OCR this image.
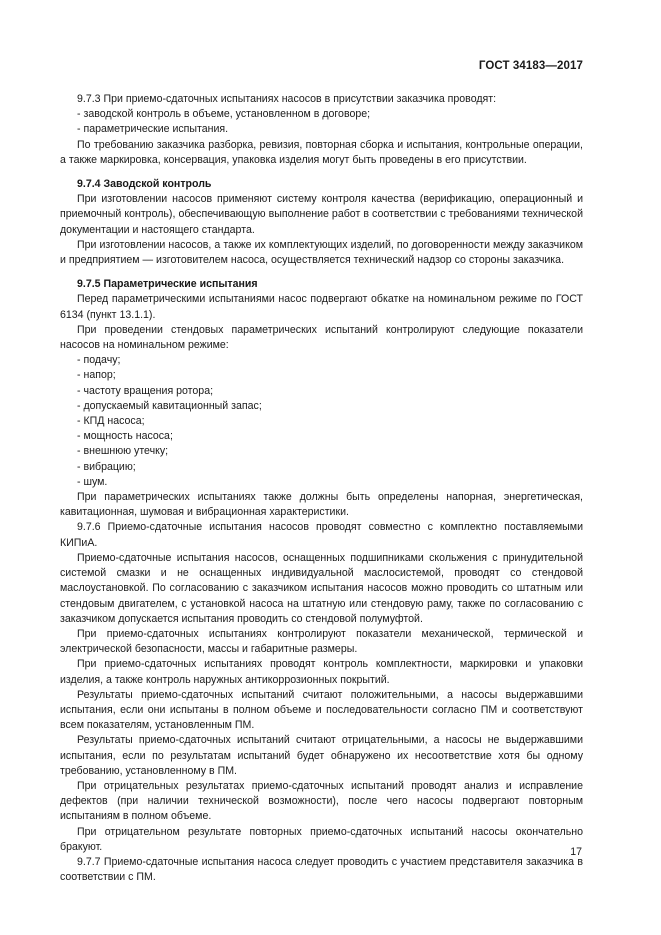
ГОСТ 34183—2017
9.7.3 При приемо-сдаточных испытаниях насосов в присутствии заказчика проводят:
- заводской контроль в объеме, установленном в договоре;
- параметрические испытания.
По требованию заказчика разборка, ревизия, повторная сборка и испытания, контрольные операции, а также маркировка, консервация, упаковка изделия могут быть проведены в его присутствии.
9.7.4 Заводской контроль
При изготовлении насосов применяют систему контроля качества (верификацию, операционный и приемочный контроль), обеспечивающую выполнение работ в соответствии с требованиями технической документации и настоящего стандарта.
При изготовлении насосов, а также их комплектующих изделий, по договоренности между заказчиком и предприятием — изготовителем насоса, осуществляется технический надзор со стороны заказчика.
9.7.5 Параметрические испытания
Перед параметрическими испытаниями насос подвергают обкатке на номинальном режиме по ГОСТ 6134 (пункт 13.1.1).
При проведении стендовых параметрических испытаний контролируют следующие показатели насосов на номинальном режиме:
- подачу;
- напор;
- частоту вращения ротора;
- допускаемый кавитационный запас;
- КПД насоса;
- мощность насоса;
- внешнюю утечку;
- вибрацию;
- шум.
При параметрических испытаниях также должны быть определены напорная, энергетическая, кавитационная, шумовая и вибрационная характеристики.
9.7.6 Приемо-сдаточные испытания насосов проводят совместно с комплектно поставляемыми КИПиА.
Приемо-сдаточные испытания насосов, оснащенных подшипниками скольжения с принудительной системой смазки и не оснащенных индивидуальной маслосистемой, проводят со стендовой маслоустановкой. По согласованию с заказчиком испытания насосов можно проводить со штатным или стендовым двигателем, с установкой насоса на штатную или стендовую раму, также по согласованию с заказчиком допускается испытания проводить со стендовой полумуфтой.
При приемо-сдаточных испытаниях контролируют показатели механической, термической и электрической безопасности, массы и габаритные размеры.
При приемо-сдаточных испытаниях проводят контроль комплектности, маркировки и упаковки изделия, а также контроль наружных антикоррозионных покрытий.
Результаты приемо-сдаточных испытаний считают положительными, а насосы выдержавшими испытания, если они испытаны в полном объеме и последовательности согласно ПМ и соответствуют всем показателям, установленным ПМ.
Результаты приемо-сдаточных испытаний считают отрицательными, а насосы не выдержавшими испытания, если по результатам испытаний будет обнаружено их несоответствие хотя бы одному требованию, установленному в ПМ.
При отрицательных результатах приемо-сдаточных испытаний проводят анализ и исправление дефектов (при наличии технической возможности), после чего насосы подвергают повторным испытаниям в полном объеме.
При отрицательном результате повторных приемо-сдаточных испытаний насосы окончательно бракуют.
9.7.7 Приемо-сдаточные испытания насоса следует проводить с участием представителя заказчика в соответствии с ПМ.
17
